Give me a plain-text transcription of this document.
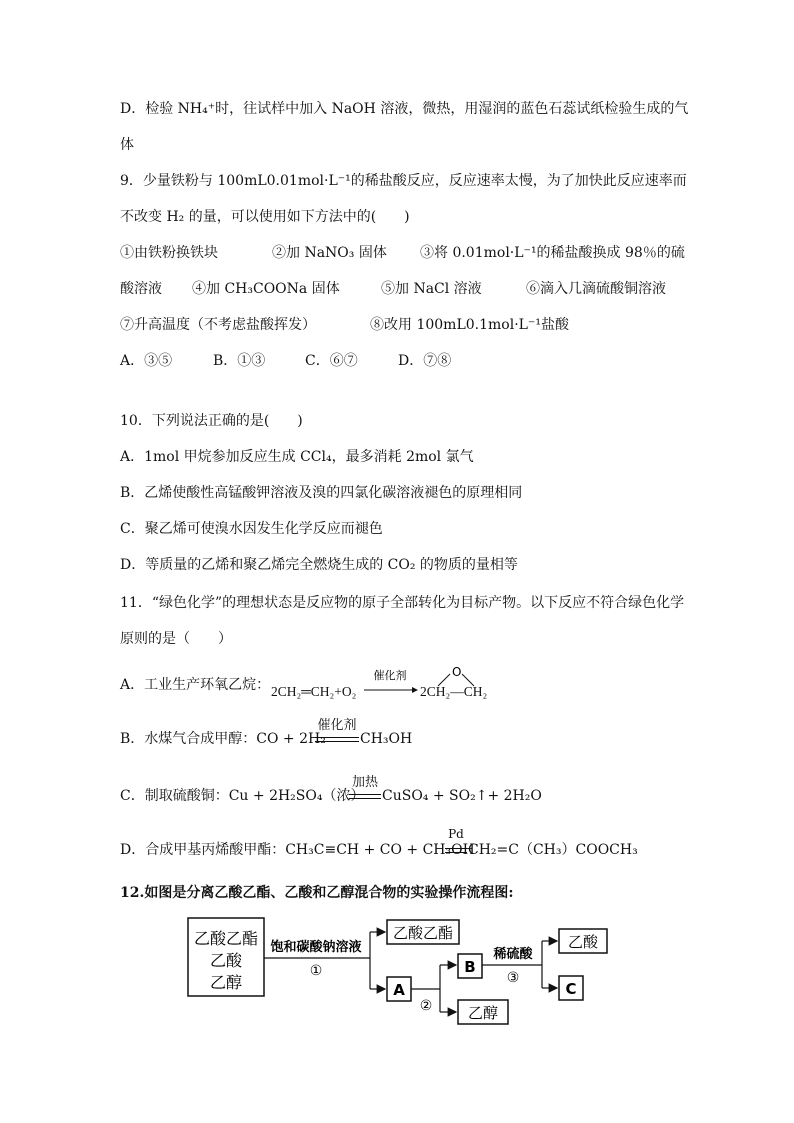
D．检验 NH₄⁺时，往试样中加入 NaOH 溶液，微热，用湿润的蓝色石蕊试纸检验生成的气
体
9．少量铁粉与 100mL0.01mol·L⁻¹的稀盐酸反应，反应速率太慢，为了加快此反应速率而
不改变 H₂ 的量，可以使用如下方法中的(　　)
①由铁粉换铁块	②加 NaNO₃ 固体 ③将 0.01mol·L⁻¹的稀盐酸换成 98％的硫
酸溶液 ④加 CH₃COONa 固体	⑤加 NaCl 溶液	⑥滴入几滴硫酸铜溶液
⑦升高温度（不考虑盐酸挥发）	⑧改用 100mL0.1mol·L⁻¹盐酸
A．③⑤	B．①③	C．⑥⑦	D．⑦⑧
10．下列说法正确的是(　　)
A．1mol 甲烷参加反应生成 CCl₄，最多消耗 2mol 氯气
B．乙烯使酸性高锰酸钾溶液及溴的四氯化碳溶液褪色的原理相同
C．聚乙烯可使溴水因发生化学反应而褪色
D．等质量的乙烯和聚乙烯完全燃烧生成的 CO₂ 的物质的量相等
11．“绿色化学”的理想状态是反应物的原子全部转化为目标产物。以下反应不符合绿色化学
原则的是（　　）
A．工业生产环氧乙烷： 2CH₂═CH₂+O₂
催化剂
2CH₂—CH₂
O
B．水煤气合成甲醇：CO + 2H₂
催化剂
CH₃OH
C．制取硫酸铜：Cu + 2H₂SO₄（浓）
加热
CuSO₄ + SO₂↑+ 2H₂O
D．合成甲基丙烯酸甲酯：CH₃C≡CH + CO + CH₃OH
Pd
CH₂=C（CH₃）COOCH₃
12.如图是分离乙酸乙酯、乙酸和乙醇混合物的实验操作流程图:
乙酸乙酯
乙酸
乙醇
饱和碳酸钠溶液
①
乙酸乙酯
A
②
B
乙醇
稀硫酸
③
乙酸
C
